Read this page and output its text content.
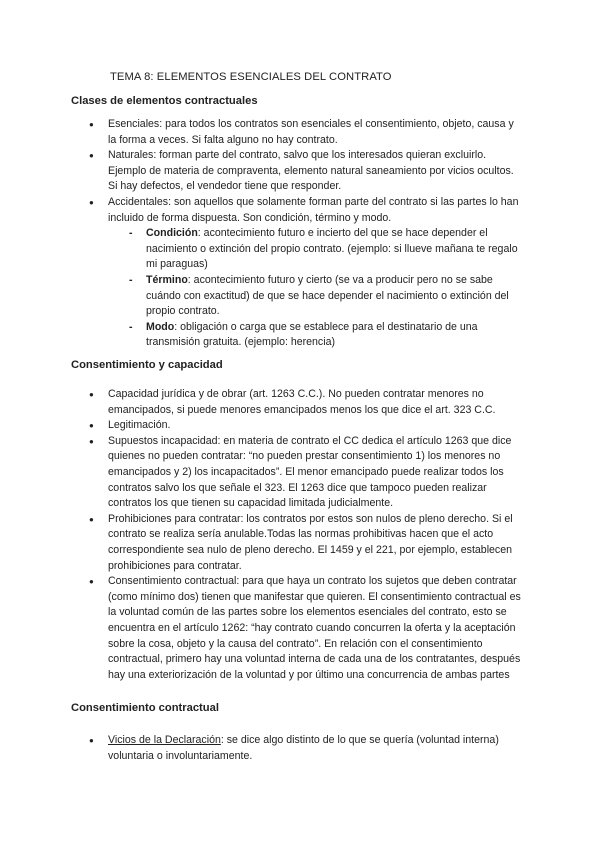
TEMA 8: ELEMENTOS ESENCIALES DEL CONTRATO
Clases de elementos contractuales
● Esenciales: para todos los contratos son esenciales el consentimiento, objeto, causa y la forma a veces. Si falta alguno no hay contrato.
● Naturales: forman parte del contrato, salvo que los interesados quieran excluirlo. Ejemplo de materia de compraventa, elemento natural saneamiento por vicios ocultos. Si hay defectos, el vendedor tiene que responder.
● Accidentales: son aquellos que solamente forman parte del contrato si las partes lo han incluido de forma dispuesta. Son condición, término y modo.
- Condición: acontecimiento futuro e incierto del que se hace depender el nacimiento o extinción del propio contrato. (ejemplo: si llueve mañana te regalo mi paraguas)
- Término: acontecimiento futuro y cierto (se va a producir pero no se sabe cuándo con exactitud) de que se hace depender el nacimiento o extinción del propio contrato.
- Modo: obligación o carga que se establece para el destinatario de una transmisión gratuita. (ejemplo: herencia)
Consentimiento y capacidad
● Capacidad jurídica y de obrar (art. 1263 C.C.). No pueden contratar menores no emancipados, si puede menores emancipados menos los que dice el art. 323 C.C.
● Legitimación.
● Supuestos incapacidad: en materia de contrato el CC dedica el artículo 1263 que dice quienes no pueden contratar: “no pueden prestar consentimiento 1) los menores no emancipados y 2) los incapacitados”. El menor emancipado puede realizar todos los contratos salvo los que señale el 323. El 1263 dice que tampoco pueden realizar contratos los que tienen su capacidad limitada judicialmente.
● Prohibiciones para contratar: los contratos por estos son nulos de pleno derecho. Si el contrato se realiza sería anulable.Todas las normas prohibitivas hacen que el acto correspondiente sea nulo de pleno derecho. El 1459 y el 221, por ejemplo, establecen prohibiciones para contratar.
● Consentimiento contractual: para que haya un contrato los sujetos que deben contratar (como mínimo dos) tienen que manifestar que quieren. El consentimiento contractual es la voluntad común de las partes sobre los elementos esenciales del contrato, esto se encuentra en el artículo 1262: “hay contrato cuando concurren la oferta y la aceptación sobre la cosa, objeto y la causa del contrato”. En relación con el consentimiento contractual, primero hay una voluntad interna de cada una de los contratantes, después hay una exteriorización de la voluntad y por último una concurrencia de ambas partes
Consentimiento contractual
● Vicios de la Declaración: se dice algo distinto de lo que se quería (voluntad interna) voluntaria o involuntariamente.
